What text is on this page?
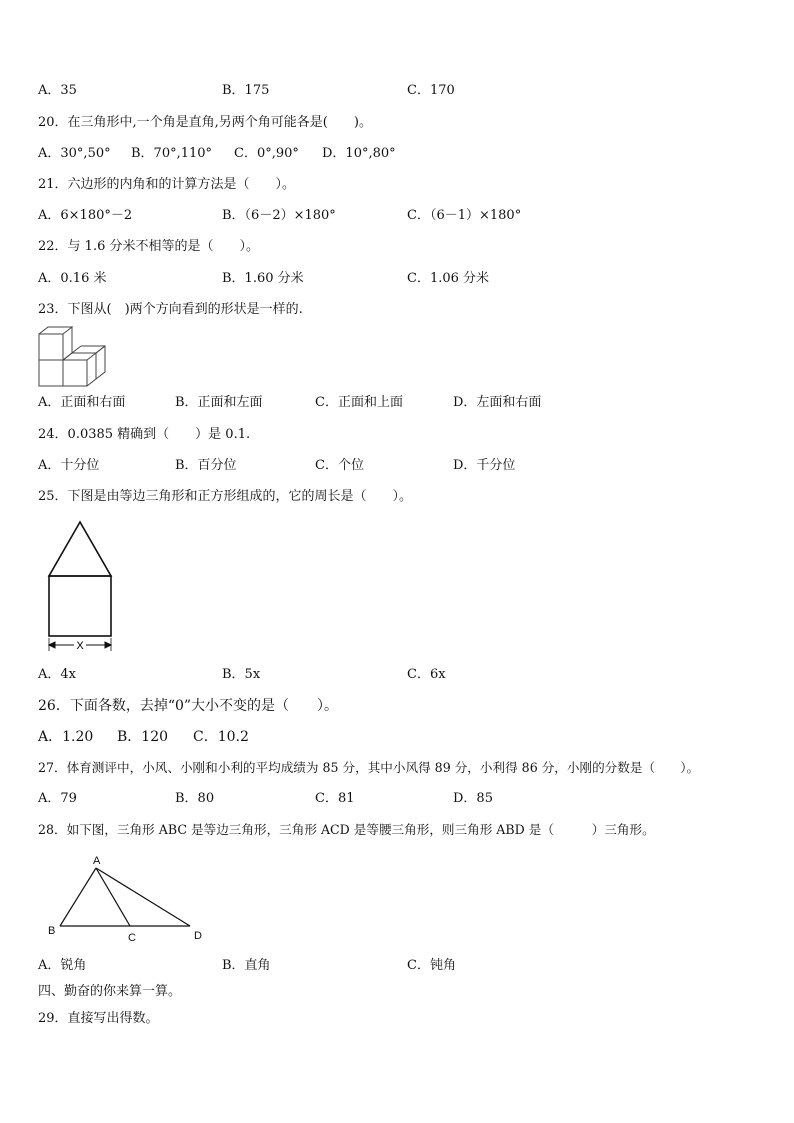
A．35	B．175	C．170
20．在三角形中,一个角是直角,另两个角可能各是(　　)。
A．30°,50° B．70°,110° C．0°,90° D．10°,80°
21．六边形的内角和的计算方法是（　　）。
A．6×180°－2	B．（6－2）×180°	C．（6－1）×180°
22．与 1.6 分米不相等的是（　　）。
A．0.16 米	B．1.60 分米	C．1.06 分米
23．下图从(　)两个方向看到的形状是一样的.
A．正面和右面	B．正面和左面	C．正面和上面	D．左面和右面
24．0.0385 精确到（　　）是 0.1.
A．十分位	B．百分位	C．个位	D．千分位
25．下图是由等边三角形和正方形组成的，它的周长是（　　）。
X
A．4x	B．5x	C．6x
26．下面各数，去掉“0”大小不变的是（　　）。
A．1.20 B．120 C．10.2
27．体育测评中，小风、小刚和小利的平均成绩为 85 分，其中小风得 89 分，小利得 86 分，小刚的分数是（　　）。
A．79	B．80	C．81	D．85
28．如下图，三角形 ABC 是等边三角形，三角形 ACD 是等腰三角形，则三角形 ABD 是（　　　）三角形。
A
B
C	D
A．锐角	B．直角	C．钝角
四、勤奋的你来算一算。
29．直接写出得数。
